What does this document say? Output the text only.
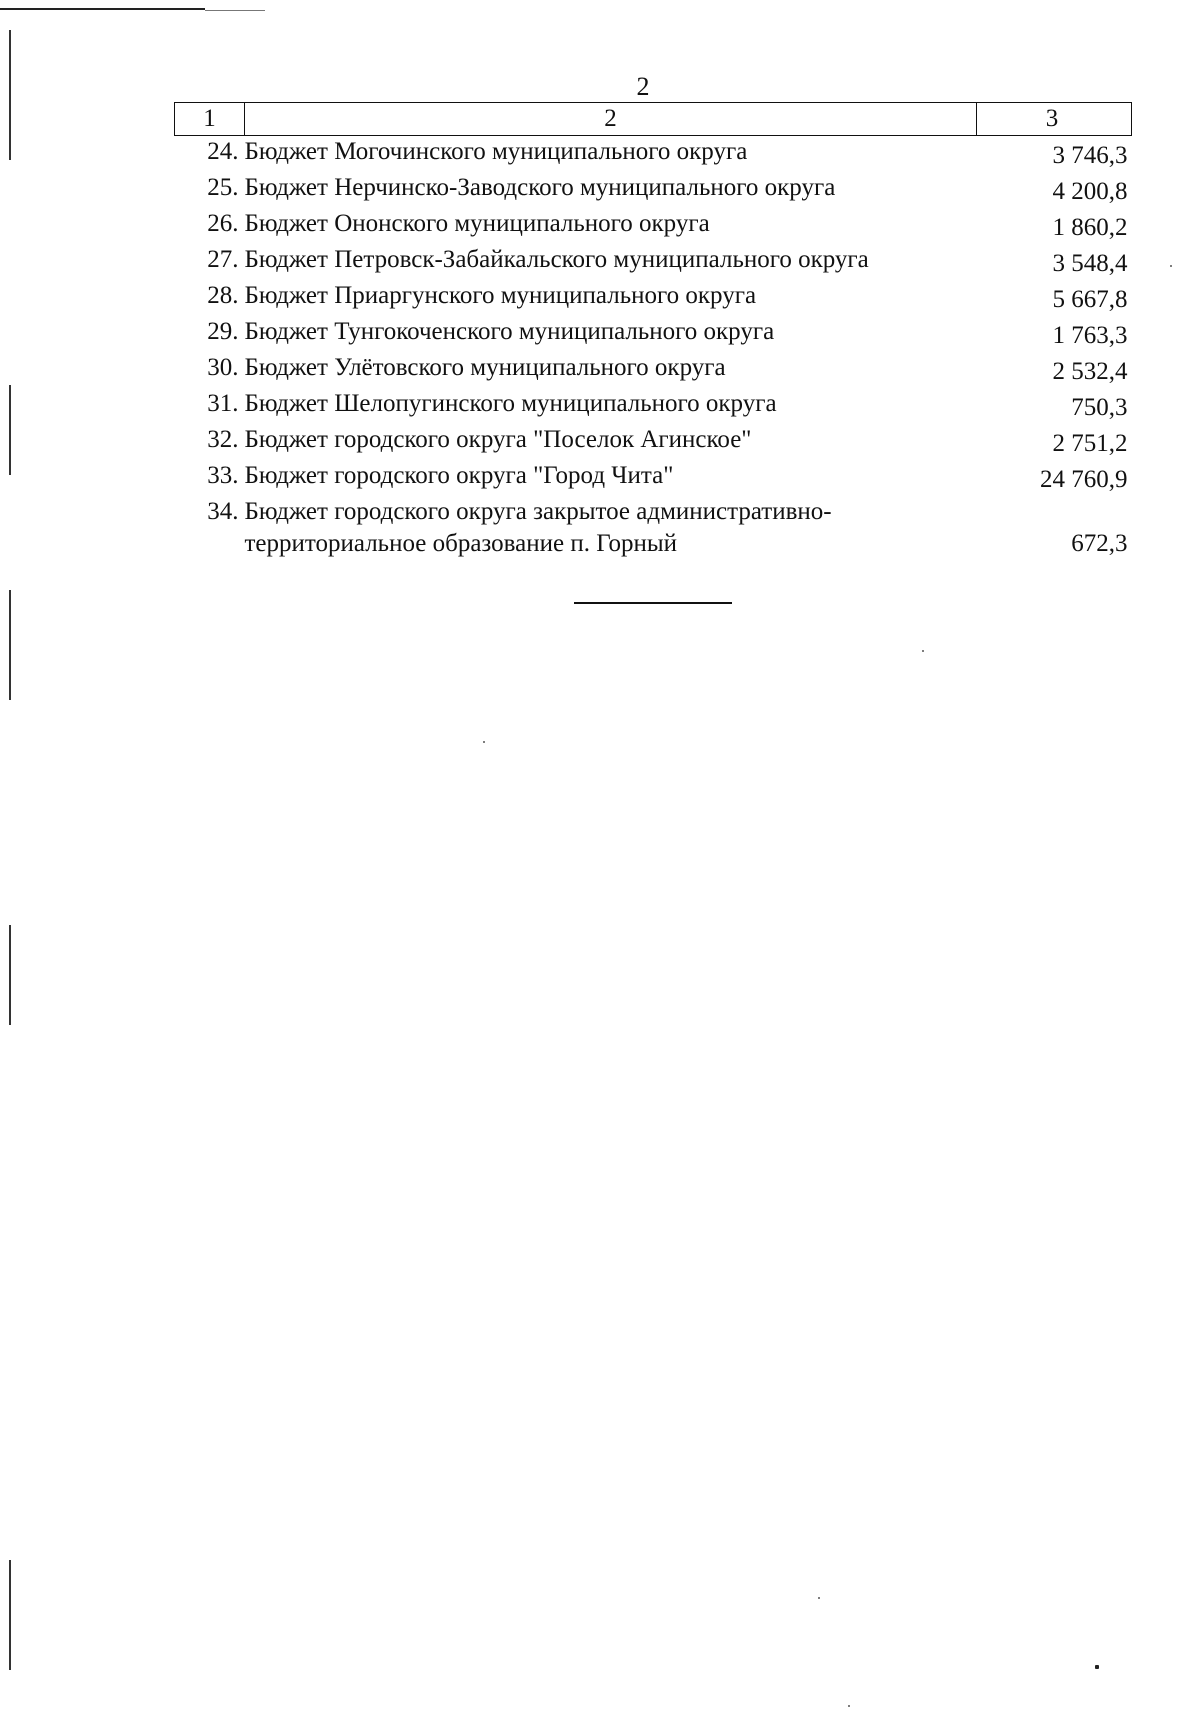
2
1	2	3
24.	Бюджет Могочинского муниципального округа	3 746,3
25.	Бюджет Нерчинско-Заводского муниципального округа	4 200,8
26.	Бюджет Ононского муниципального округа	1 860,2
27.	Бюджет Петровск-Забайкальского муниципального округа	3 548,4
28.	Бюджет Приаргунского муниципального округа	5 667,8
29.	Бюджет Тунгокоченского муниципального округа	1 763,3
30.	Бюджет Улётовского муниципального округа	2 532,4
31.	Бюджет Шелопугинского муниципального округа	750,3
32.	Бюджет городского округа "Поселок Агинское"	2 751,2
33.	Бюджет городского округа "Город Чита"	24 760,9
34.	Бюджет городского округа закрытое административно-территориальное образование п. Горный	672,3
